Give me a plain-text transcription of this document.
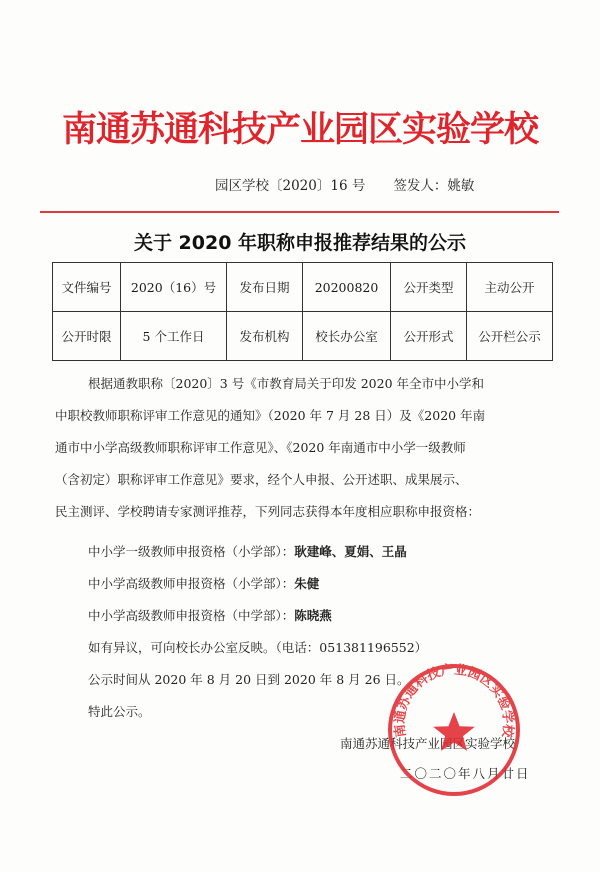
南通苏通科技产业园区实验学校
园区学校〔2020〕16 号 签发人：姚敏
关于 2020 年职称申报推荐结果的公示
文件编号	2020（16）号	发布日期	20200820	公开类型	主动公开
公开时限	5 个工作日	发布机构	校长办公室	公开形式	公开栏公示
根据通教职称〔2020〕3 号《市教育局关于印发 2020 年全市中小学和
中职校教师职称评审工作意见的通知》（2020 年 7 月 28 日）及《2020 年南
通市中小学高级教师职称评审工作意见》、《2020 年南通市中小学一级教师
（含初定）职称评审工作意见》要求，经个人申报、公开述职、成果展示、
民主测评、学校聘请专家测评推荐，下列同志获得本年度相应职称申报资格：
中小学一级教师申报资格（小学部）：耿建峰、夏娟、王晶
中小学高级教师申报资格（小学部）：朱健
中小学高级教师申报资格（中学部）：陈晓燕
如有异议，可向校长办公室反映。（电话：051381196552）
公示时间从 2020 年 8 月 20 日到 2020 年 8 月 26 日。
特此公示。
南通苏通科技产业园区实验学校
二〇二〇年八月廿日
南通苏通科技产业园区实验学校
